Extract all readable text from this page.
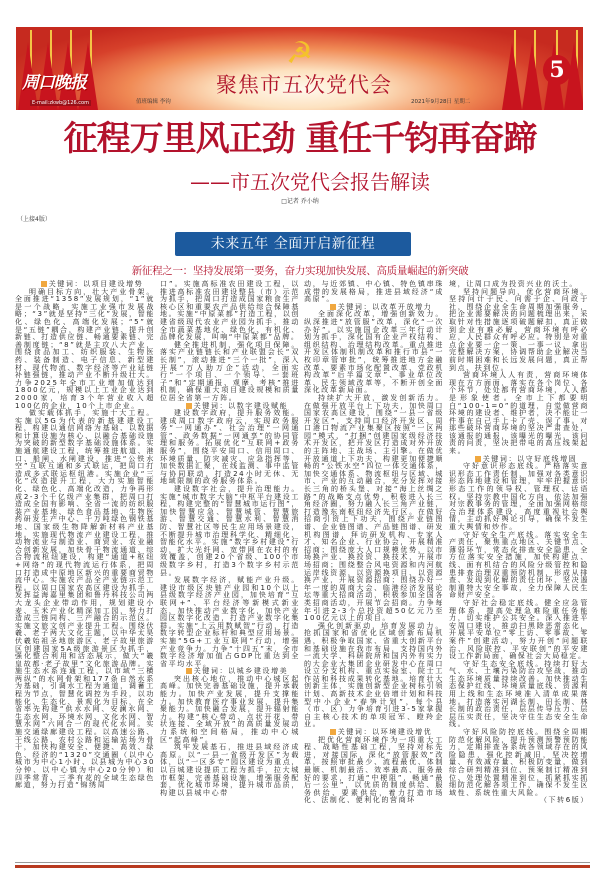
☭
周口晚报
E-mail:zkwb@126.com	值班编辑 李钧
聚焦市五次党代会
2021年9月28日 星期二
5
征程万里风正劲 重任千钧再奋蹄
——市五次党代会报告解读
□记者 乔小纳
（上接4版）
未来五年 全面开启新征程
新征程之一：坚持发展第一要务，奋力实现加快发展、高质量崛起的新突破

关键词：以项目建设增势

明确目标方向，壮大产业骨架。全面推进“1358”发展规划，“1”就是一个战略，实施工业强市发展战略；“3”就是坚持“三化”发展，智能化、绿色化、高端化发展；“5”就是“五链”耦合，构建产业链、提升创新链、打造供应链、畅通要素链、完善制度链；“8”就是主攻八大产业，围绕食品加工、纺织服装、生物医药、装备制造、电子信息、新型建材、现代物流、数字经济等产业延链补链强链，推动产业不断升级壮大。力争2025年全市工业增加值达到1800亿元，规模以上工业企业达到2000家，培育3个年营业收入超100亿的企业，10个上市企业。

做实载体抓手，实施十大工程。实施以5G为代表的新基建建设工程，构建以通信网络为基础、以数据和计算设施为核心、以融合基础设施为突破的新型数字基础设施体系。实施通航建设工程，统筹推进航道、港口、船闸、水闸建设，推进“公铁水空”互联互通和多式联运，把周口打造成多式联运枢纽港。实施企业“三化”改造提升工程，大力实施智能化、绿色化、高端化改造，力争再形成2-3个千亿级产业集群，把周口打造成全国有影响、全省一流的纺织服装产业基地、绿色食品基地、生物医药研发生产中心、千万吨绿色钢铁基地、国家级生物降解新材料产业基地。实施现代物流产业建设工程，推动物流业与制造业、商贸业、农业融合创新发展，加快骨干物流通道、综合物流枢纽建设，构建“通道+枢纽+网络”的现代物流运行体系，把周口打造成中原地区新兴的重要商贸物流中心。实施农产品全产业链示范工程。以周口国家农高区建设为抓手，发挥益海嘉里集团和鲁丹科技公司两大龙头企业带动作用，规划建设小麦、玉米产业化精深加工园，努力打造成三链同构、三产融合的示范区。实施文旅文创产业提升工程。围绕伏羲、老子两大文化主题，以中华太昊伏羲始祖圣地旅游区、老子故里旅游区创建国家5A级旅游景区为抓手，强化整合利用和活态展示，做大“羲皇故都·老子故里”文化旅游品牌。实施生态水系连通工程，以市域“三横两纵”的水网骨架和177条自然水系为基础，引调水工程为通道，调蓄工程为节点，智慧化调控为手段，以功能化、生态化、景观化为目标，在全省率先构建“供水水网、安澜水网、生态水网、环境水网、文化水网、智慧水网”六网合一的现代化水网。实施交通绿廊建设工程。以高速公路、干线公路、农村公路和运输站场为骨干，加快构建安全、便捷、高效、绿色、经济的“1320”交通圈（以中心城市为中心1小时、以县城为中心30分钟、以中心镇为中心20分钟）和四季常青、三季有花的全域生态绿色廊道，努力打造“锦绣周

口”。实施高标准农田建设工程，以推进高标准农田建设整县（市）示范为抓手，把周口打造成国家粮食生产核心区和重要农产品供给综合保障基地。实施“中原菜都”打造工程，以创建省级现代农业产业园为抓手，推动全市蔬菜基地化、绿色化、有机化、品牌化发展，叫响“中原菜都”品牌。

健全推进机制，强化项目保障。落实产业链链长和产业联盟会长“双长制”，滚动推进“三个一批”，深入开展“万人助万企”活动，全面实行“一个项目、一个领导、一套班子”和“定期通报、观摩、考核”推进机制，确保重大项目建设规模和质量位居全省第一方阵。

关键词：以数字建设赋能

建设数字政府，提升服务效能。建成周口数字政府云，实现政务服务“一网通办”、社会治理“一网通管”、政务数据“一网通享”的协同管理和服务。拓展优化“互联网+政务服务”，围绕平安周口、信用周口、环境质量、防灾减灾、应急指挥等，加快数据汇聚，在线监测、事中监管与协同联动，打造24小时无休、无地域限制的政务服务体系。

建设数字社会，提升治理能力。实施“城市数字大脑”中枢平台建设工程，构建完整的“智慧城市运行图”，加快智慧应急、智慧城管、智慧旅游、智慧交通、智慧水利、智慧消防、智慧社区等民生应用场景建设，不断提升城市治理科学化、精细化、智能化水平。实施“数字乡村建设”行动，扩大光纤网、宽带网在农村的有效覆盖，创建20个省级、100个市级数字乡村，打造3个数字乡村示范县。

发展数字经济，赋能产业升级。建设市级区块链产业园和10个以上县级数字经济产业园，加快培育“互联网+”、平台经济等新模式新业态，加快推动产业数字化，加快产业园区数字化改造，打造产业数字化集群。实施“上云用数赋智”行动，打造数字转型企业标杆和典型应用场景。实施“5G+工业互联网”行动，增强产业竞争力。力争“十四五”末，全市数字经济增加值占GDP比重达到全省平均水平。

关键词：以城乡建设增美

突出核心地位，推动中心城区起高峰。加快完善基础设施，提升承载能力。加快产业发展，提升支撑能力。加快教育医疗事业发展，提升集聚能力。加快融合发展，提升辐射能力。构建“核心带动、点状开花、带状连接、全域开放”的高质量发展动力系统和空间格局，推动中心城区“起高峰”。

筑牢发展基石，推进县域经济成高原。以“一县一省级开发区”为载体，以“一区多专”园区建设为重点，以百城建设提质工程为抓手，拉大城市框架，完善基础设施，增强服务配套，优化城市环境，提升城市品质，构建以县城中心带

动，与近郊镇、中心镇、特色镇串珠成带的发展格局，推进县域经济“成高原”。

关键词：以改革开放增力

全面深化改革，增强创新效力。纵深推进“放管服”改革，深化“一次办好”。以实施国企改革三年行动计划为抓手，深化国有企业产权结构、组织结构、治理结构改革。重点推进开发区体制机制改革和推行市县“一枚印章管审批”，统筹推进地方金融改革、要素市场化配置改革、党政机构改革“后半篇文章”、事业单位改革、民生领域改革等，不断开创全面深化改革新局面。

持续扩大开放，激发创新活力。在做强开放平台上下功夫，加快周口国家农高区建设，围绕“一县一省级开发区”，支持周口经济开发区、周口港口物流产业集聚区按照“一区两园”模式，“打捆”创建国家级经济技术开发区，把开发区打造成对外开放的主阵地、主战场、主引擎。在做优开放通道上下功夫，构建更加便捷顺畅的“公铁水空”四位一体交通体系，加快交通体系、物流枢纽与区域、城市、产业的互动融合，充分发挥对接长三角的桥头堡、对接“海上丝绸之路”的战略支点优势，积极进入长三角经济圈，努力融入长三角产业链，打造豫东南枢纽经济先行区。在做好招商引资上下功夫，围绕产业链图谱、企业链图谱、产品链图谱、研发机构图谱，拜访研发机构、专家人才、知名企业、行业协会，开展精准招商；围绕庞大人口规模优势，以市场换产业、换投资、换技术，开展市场招商；围绕整合风电资源和内河航运岸线资源，以资源换项目、以资源换产业，开展资源招商；围绕办好一年一度的周商大会、临港经济发展论坛等重大招商活动，积极参加全国各类招商活动，开展节会招商。力争每年引进2-3个总投资超50亿元乃至100亿元以上的项目。

强化创新驱动，培育发展动力。抢抓国家和省优化区域创新布局机遇，积极争取国家、省重大创新平台和基础设施在我市布局，支持国内外一流大学、科研院所和国内外有实力的大企业大集团企业研发中心在周口设立分支机构、重点实验室、院士工作站和科技成果转化基地。培育壮大创新主体，实施创新型企业树标引领计划、高新技术企业倍增计划和科技型中小企业“春笋计划”，每个县（市、区）力争培育引进3-5家掌握自主核心技术的单项冠军、瞪羚企业。

关键词：以环境建设增优

把优化营商环境作为一项重大工程、战略性基础工程，坚持对标先进，对接国际，深化“放管服效”改革，按照审批最少、流程最优、体制最顺、机制最活、效率最高、服务最好的要求，打通“中梗阻”，畅通“最后一公里”，以优质的制度供给、服务供给、要素供给，着力打造市场化、法制化、便利化的营商环

境，让周口成为投资兴业的沃土。

坚持问题导向，优化营商环境。坚持问计于民、问需于企、问政于社，围绕企业全生命周期加强服务，把企业需要解决的问题梳理出来，采取针对性措施逐项破题解扣，真正做到企业有难必解、营商环境有呼必应，人民群众有呼必应。特别是对重点企业要一企一策、一事一议，拿出完整解决方案，协调帮助企业解决当前时期困难和长远发展问题，真正帮到点、扶到位。

营商环境人人有责，营商环境体现在方方面面，落实在各个岗位、各个环节，处处都有营商环境，人人都是形象使者。全市上下都要明白“100-1=0”的道理，自觉做营商环境的建设者、维护者，决不能让一件事在自己手上卡了壳、误了事。对那些破坏营商环境的坚决严肃查处，该通报的通报，该曝光的曝光，该问责的问责，坚决把带电的高压线架起来。

关键词：以守好底线增固

守好意识形态底线。严格落实意识形态工作责任制，加强对各类意识形态阵地建设和管理，牢牢把握意识形态工作的领导权、管理权、话语权。坚持宗教中国化方向，依法加强对宗教事务的管理，全面加强网格综合治理体系建设，高度重视社会舆情，主动抓好舆论引导，确保不发生重大舆情和炒作。

守好安全生产底线。落实安全生产责任，聚焦重点地区、关键节点、薄弱环节，常态化排查安全隐患，全方位落实安全措施，加快构建点、线、面有机结合的风险分级管控和隐患排查治理双重预防机制，形成从排查、发现到化解的责任闭环，坚决遏制重特大安全事故，全力保障人民生命财产安全。

守好社会稳定底线。健全应急管理体系，提高处理急难险重任务能力，切实维护公共安全。深入推进平安周口建设，推动扫黑除恶常态化，开展平安单位“零上访、零事故、零案件”创建活动，努力开创“问题联治、风险联控、平安联创”的平安建设工作新局面，确保社会大局稳定。

守好生态安全底线。持续打好大气、水、土壤污染防治攻坚战，推动生态环境质量持续改善。加快推动生态保护红线、环境质量底线、资源利用上线和生态环境准入清单成果落地。打造落实河湖长制、田长制、林长制的政治责任，层层传导压力、层层压实责任，坚决守住生态安全生命线。

守好风险防控底线。围绕全周期防范化解风险，提升预测预警预防能力，定期排查各系统各领域存在的风险隐患，强化控新减旧，坚决控增量、有效减存量、积极防变量，做到综合研判精准到位、预案制订精准到位、处理处置精准到位，抓紧抓实抓细防范化解各项工作，确保不发生区域性、系统性重大风险。

（下转6版）
